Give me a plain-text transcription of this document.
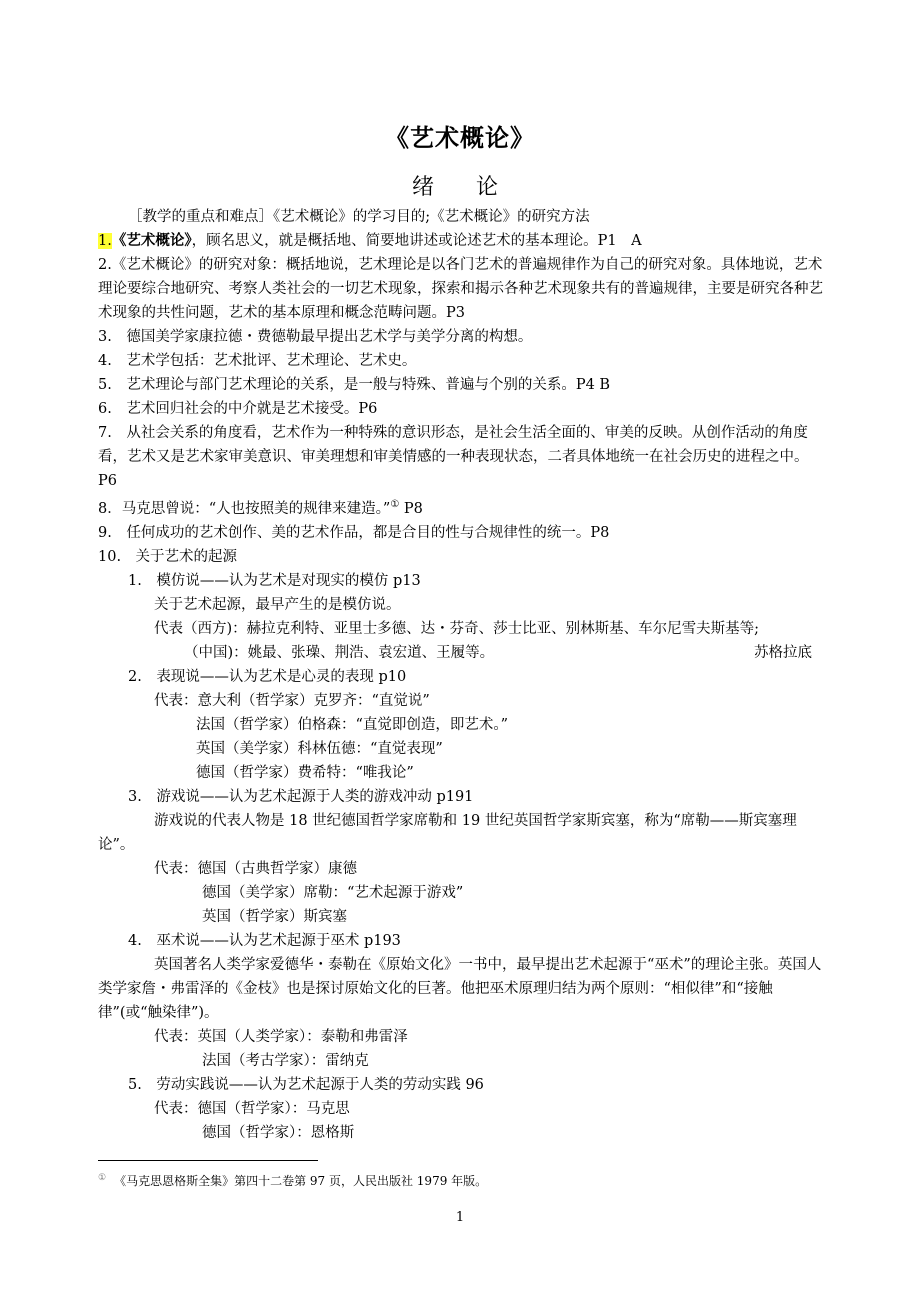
《艺术概论》
绪　论
［教学的重点和难点］《艺术概论》的学习目的;《艺术概论》的研究方法
1.《艺术概论》，顾名思义，就是概括地、简要地讲述或论述艺术的基本理论。P1　A
2.《艺术概论》的研究对象：概括地说，艺术理论是以各门艺术的普遍规律作为自己的研究对象。具体地说，艺术理论要综合地研究、考察人类社会的一切艺术现象，探索和揭示各种艺术现象共有的普遍规律，主要是研究各种艺术现象的共性问题，艺术的基本原理和概念范畴问题。P3
3.　德国美学家康拉德・费德勒最早提出艺术学与美学分离的构想。
4.　艺术学包括：艺术批评、艺术理论、艺术史。
5.　艺术理论与部门艺术理论的关系，是一般与特殊、普遍与个别的关系。P4 B
6.　艺术回归社会的中介就是艺术接受。P6
7.　从社会关系的角度看，艺术作为一种特殊的意识形态，是社会生活全面的、审美的反映。从创作活动的角度看，艺术又是艺术家审美意识、审美理想和审美情感的一种表现状态，二者具体地统一在社会历史的进程之中。P6
8．马克思曾说：“人也按照美的规律来建造。”① P8
9.　任何成功的艺术创作、美的艺术作品，都是合目的性与合规律性的统一。P8
10.　关于艺术的起源
1.　模仿说——认为艺术是对现实的模仿 p13
关于艺术起源，最早产生的是模仿说。
代表（西方)：赫拉克利特、亚里士多德、达・芬奇、莎士比亚、别林斯基、车尔尼雪夫斯基等;
（中国)：姚最、张璪、荆浩、袁宏道、王履等。	苏格拉底
2.　表现说——认为艺术是心灵的表现 p10
代表：意大利（哲学家）克罗齐：“直觉说”
法国（哲学家）伯格森：“直觉即创造，即艺术。”
英国（美学家）科林伍德：“直觉表现”
德国（哲学家）费希特：“唯我论”
3.　游戏说——认为艺术起源于人类的游戏冲动 p191
游戏说的代表人物是 18 世纪德国哲学家席勒和 19 世纪英国哲学家斯宾塞，称为“席勒——斯宾塞理论”。
代表：德国（古典哲学家）康德
德国（美学家）席勒：“艺术起源于游戏”
英国（哲学家）斯宾塞
4.　巫术说——认为艺术起源于巫术 p193
英国著名人类学家爱德华・泰勒在《原始文化》一书中，最早提出艺术起源于“巫术”的理论主张。英国人类学家詹・弗雷泽的《金枝》也是探讨原始文化的巨著。他把巫术原理归结为两个原则：“相似律”和“接触律”(或“触染律”)。
代表：英国（人类学家）：泰勒和弗雷泽
法国（考古学家）：雷纳克
5.　劳动实践说——认为艺术起源于人类的劳动实践 96
代表：德国（哲学家）：马克思
德国（哲学家）：恩格斯
① 《马克思恩格斯全集》第四十二卷第 97 页，人民出版社 1979 年版。
1
